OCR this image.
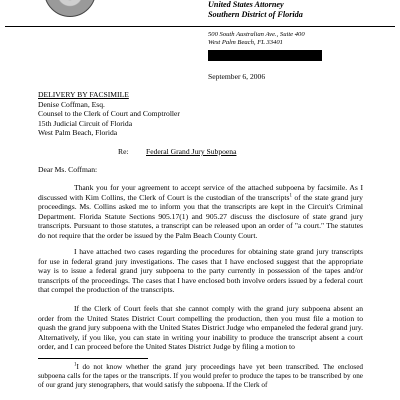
United States Attorney
Southern District of Florida
500 South Australian Ave., Suite 400
West Palm Beach, FL 33401
September 6, 2006
DELIVERY BY FACSIMILE
Denise Coffman, Esq.
Counsel to the Clerk of Court and Comptroller
15th Judicial Circuit of Florida
West Palm Beach, Florida
Re: Federal Grand Jury Subpoena
Dear Ms. Coffman:

Thank you for your agreement to accept service of the attached subpoena by facsimile. As I discussed with Kim Collins, the Clerk of Court is the custodian of the transcripts$^1$ of the state grand jury proceedings. Ms. Collins asked me to inform you that the transcripts are kept in the Circuit's Criminal Department. Florida Statute Sections 905.17(1) and 905.27 discuss the disclosure of state grand jury transcripts. Pursuant to those statutes, a transcript can be released upon an order of "a court." The statutes do not require that the order be issued by the Palm Beach County Court.

I have attached two cases regarding the procedures for obtaining state grand jury transcripts for use in federal grand jury investigations. The cases that I have enclosed suggest that the appropriate way is to issue a federal grand jury subpoena to the party currently in possession of the tapes and/or transcripts of the proceedings. The cases that I have enclosed both involve orders issued by a federal court that compel the production of the transcripts.

If the Clerk of Court feels that she cannot comply with the grand jury subpoena absent an order from the United States District Court compelling the production, then you must file a motion to quash the grand jury subpoena with the United States District Judge who empaneled the federal grand jury. Alternatively, if you like, you can state in writing your inability to produce the transcript absent a court order, and I can proceed before the United States District Judge by filing a motion to

$^1$I do not know whether the grand jury proceedings have yet been transcribed. The enclosed subpoena calls for the tapes or the transcripts. If you would prefer to produce the tapes to be transcribed by one of our grand jury stenographers, that would satisfy the subpoena. If the Clerk of
